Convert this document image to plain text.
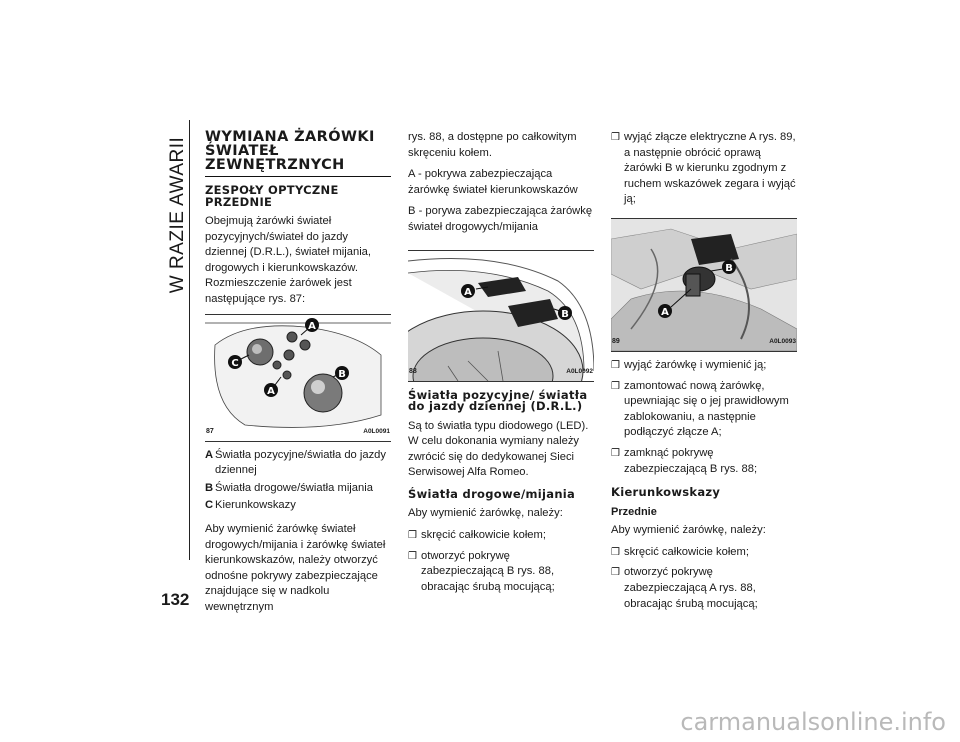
W RAZIE AWARII
132
WYMIANA ŻARÓWKI ŚWIATEŁ ZEWNĘTRZNYCH
ZESPOŁY OPTYCZNE PRZEDNIE

Obejmują żarówki świateł pozycyjnych/świateł do jazdy dziennej (D.R.L.), świateł mijania, drogowych i kierunkowskazów. Rozmieszczenie żarówek jest następujące rys. 87:

A
C
A
B
87	A0L0091
A Światła pozycyjne/światła do jazdy dziennej
B Światła drogowe/światła mijania
C Kierunkowskazy

Aby wymienić żarówkę świateł drogowych/mijania i żarówkę świateł kierunkowskazów, należy otworzyć odnośne pokrywy zabezpieczające znajdujące się w nadkolu wewnętrznym

rys. 88, a dostępne po całkowitym skręceniu kołem.

A - pokrywa zabezpieczająca żarówkę świateł kierunkowskazów

B - porywa zabezpieczająca żarówkę świateł drogowych/mijania

A
B
88	A0L0092
Światła pozycyjne/ światła do jazdy dziennej (D.R.L.)

Są to światła typu diodowego (LED). W celu dokonania wymiany należy zwrócić się do dedykowanej Sieci Serwisowej Alfa Romeo.

Światła drogowe/mijania

Aby wymienić żarówkę, należy:

❒ skręcić całkowicie kołem;
❒ otworzyć pokrywę zabezpieczającą B rys. 88, obracając śrubą mocującą;
❒ wyjąć złącze elektryczne A rys. 89, a następnie obrócić oprawą żarówki B w kierunku zgodnym z ruchem wskazówek zegara i wyjąć ją;
B
A
89	A0L0093
❒ wyjąć żarówkę i wymienić ją;
❒ zamontować nową żarówkę, upewniając się o jej prawidłowym zablokowaniu, a następnie podłączyć złącze A;
❒ zamknąć pokrywę zabezpieczającą B rys. 88;
Kierunkowskazy
Przednie

Aby wymienić żarówkę, należy:

❒ skręcić całkowicie kołem;
❒ otworzyć pokrywę zabezpieczającą A rys. 88, obracając śrubą mocującą;
carmanualsonline.info
